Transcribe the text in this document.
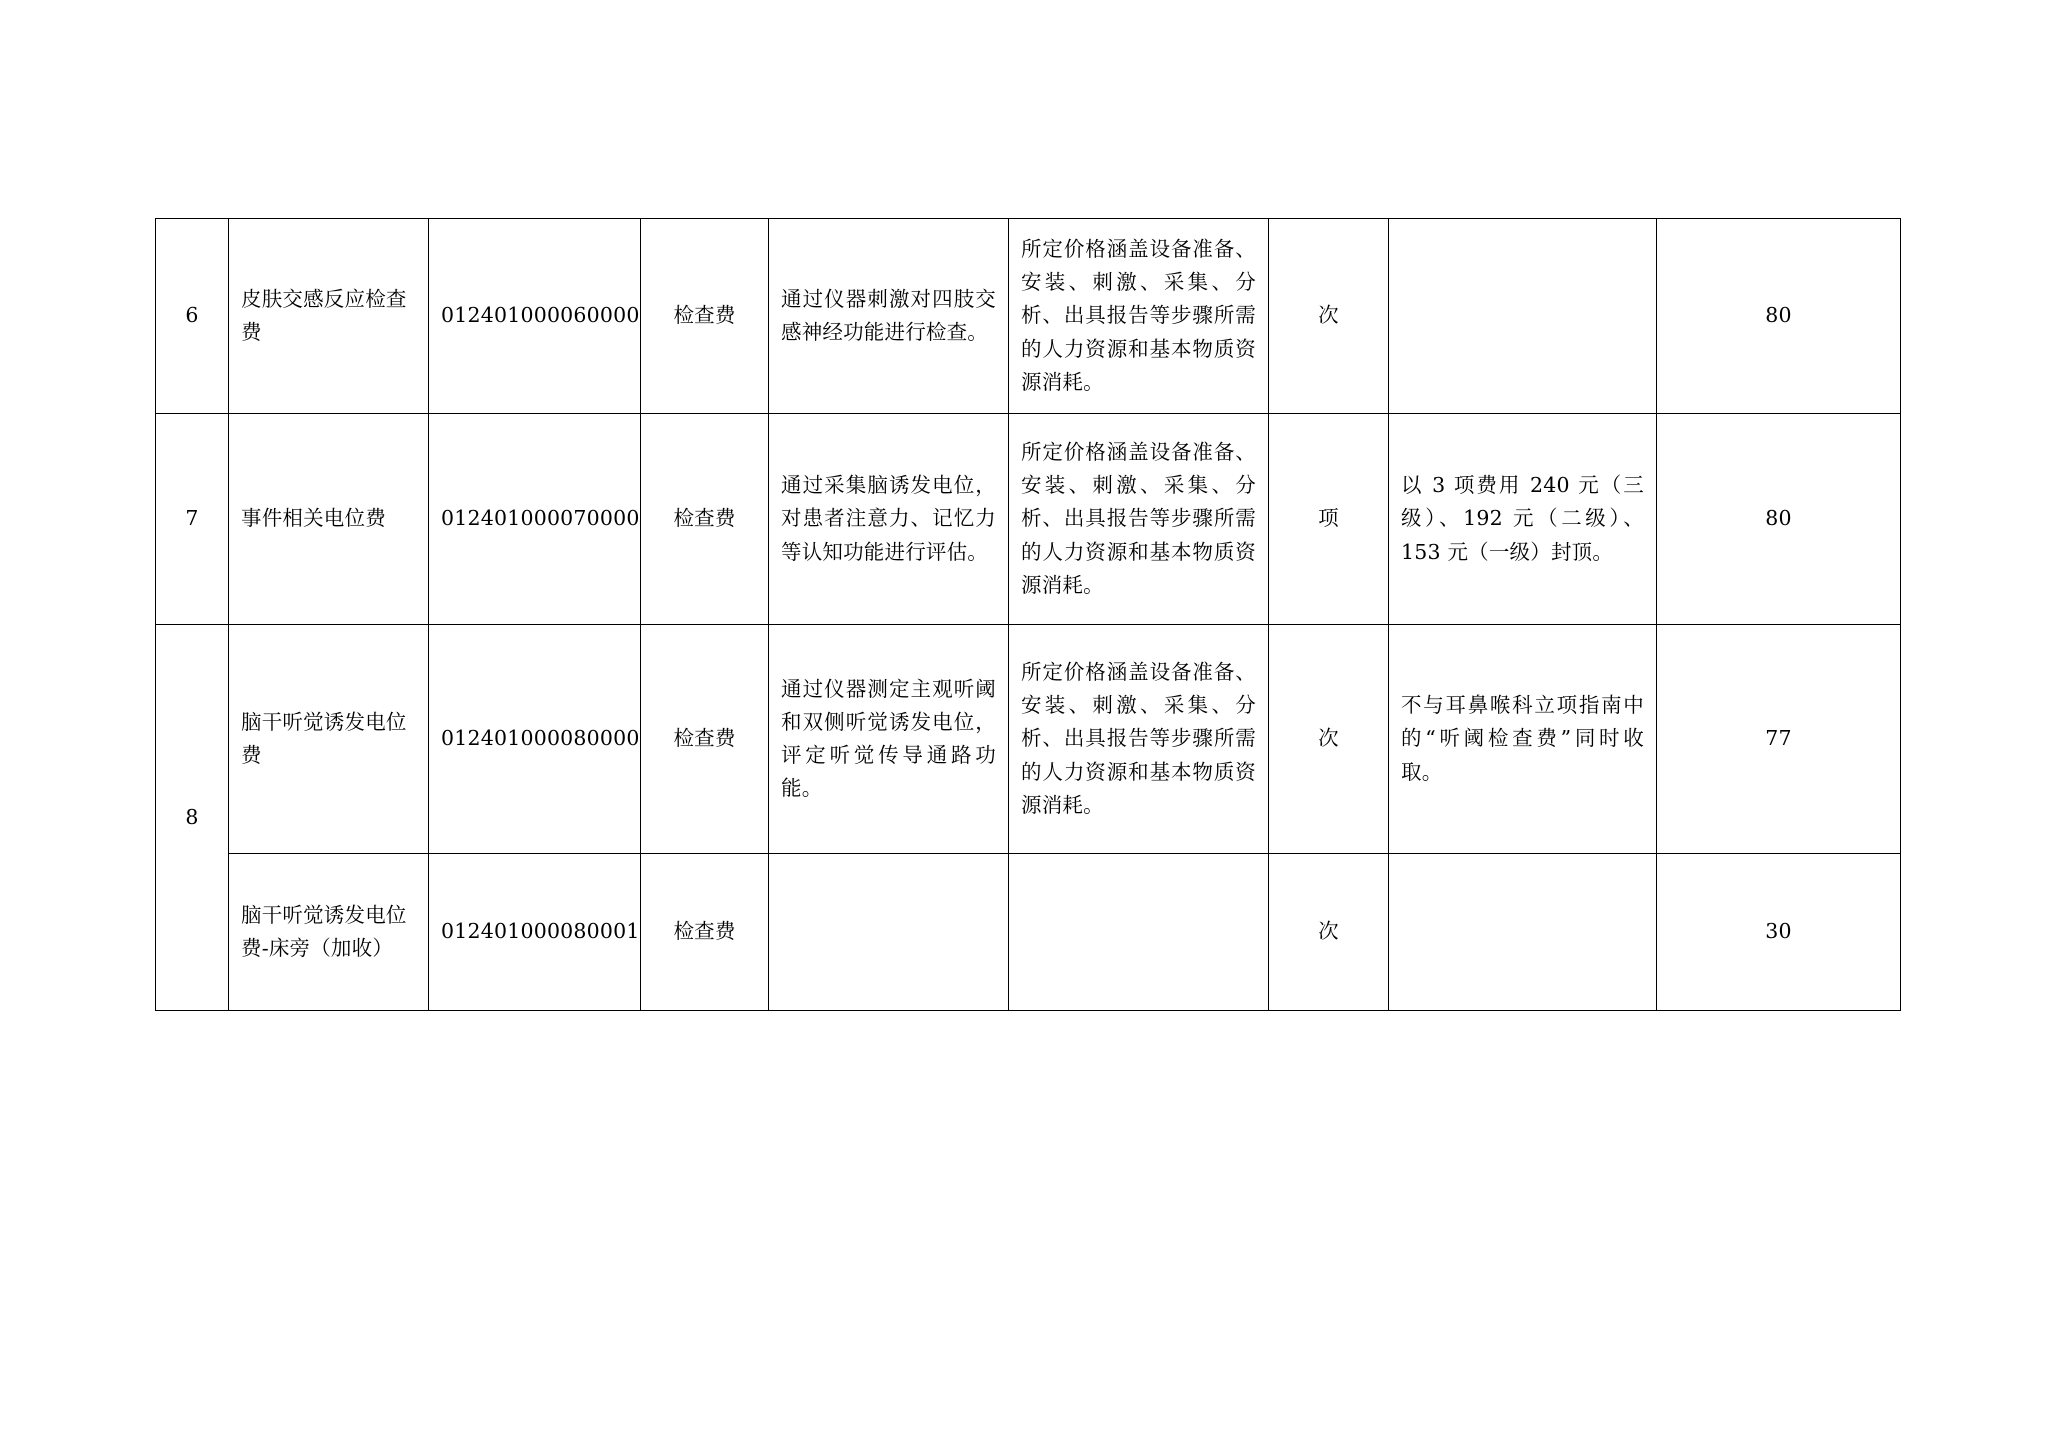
6	皮肤交感反应检查费	012401000060000	检查费	通过仪器刺激对四肢交感神经功能进行检查。	所定价格涵盖设备准备、安装、刺激、采集、分析、出具报告等步骤所需的人力资源和基本物质资源消耗。	次		80
7	事件相关电位费	012401000070000	检查费	通过采集脑诱发电位，对患者注意力、记忆力等认知功能进行评估。	所定价格涵盖设备准备、安装、刺激、采集、分析、出具报告等步骤所需的人力资源和基本物质资源消耗。	项	以 3 项费用 240 元（三级）、192 元（二级）、153 元（一级）封顶。	80
8	脑干听觉诱发电位费	012401000080000	检查费	通过仪器测定主观听阈和双侧听觉诱发电位，评定听觉传导通路功能。	所定价格涵盖设备准备、安装、刺激、采集、分析、出具报告等步骤所需的人力资源和基本物质资源消耗。	次	不与耳鼻喉科立项指南中的“听阈检查费”同时收取。	77
	脑干听觉诱发电位费-床旁（加收）	012401000080001	检查费			次		30
